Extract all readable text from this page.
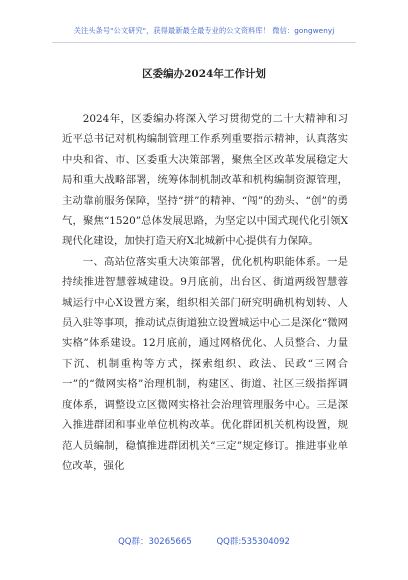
关注头条号"公文研究"，获得最新最全最专业的公文资料库！ 微信：gongwenyj
区委编办2024年工作计划

2024年，区委编办将深入学习贯彻党的二十大精神和习近平总书记对机构编制管理工作系列重要指示精神，认真落实中央和省、市、区委重大决策部署，聚焦全区改革发展稳定大局和重大战略部署，统筹体制机制改革和机构编制资源管理，主动靠前服务保障，坚持“拼”的精神、“闯”的劲头、“创”的勇气，聚焦“1520”总体发展思路，为坚定以中国式现代化引领X现代化建设，加快打造天府X北城新中心提供有力保障。

一、高站位落实重大决策部署，优化机构职能体系。一是持续推进智慧蓉城建设。9月底前，出台区、街道两级智慧蓉城运行中心X设置方案，组织相关部门研究明确机构划转、人员入驻等事项，推动试点街道独立设置城运中心二是深化“微网实格”体系建设。12月底前，通过网格优化、人员整合、力量下沉、机制重构等方式，探索组织、政法、民政“三网合一”的“微网实格”治理机制，构建区、街道、社区三级指挥调度体系，调整设立区微网实格社会治理管理服务中心。三是深入推进群团和事业单位机构改革。优化群团机关机构设置，规范人员编制，稳慎推进群团机关“三定”规定修订。推进事业单位改革，强化

QQ群：30265665	QQ群:535304092
